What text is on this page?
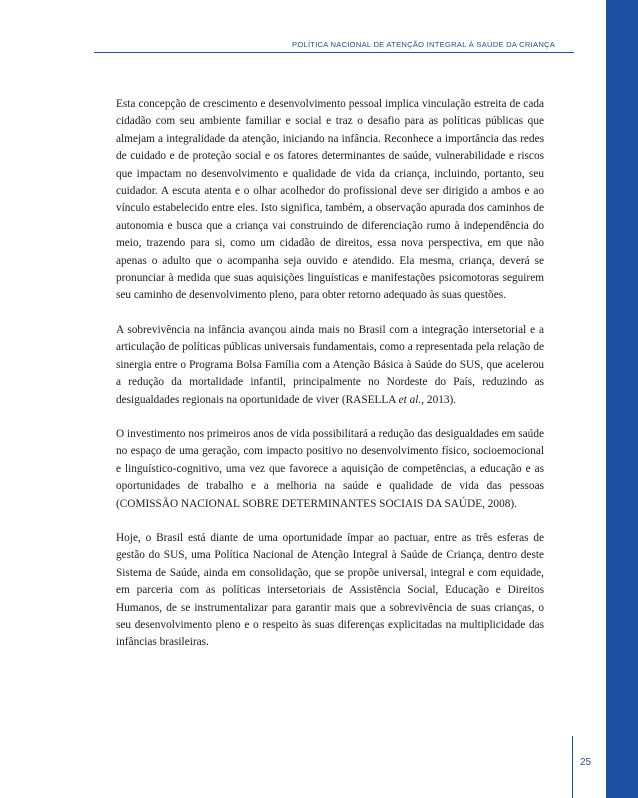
POLÍTICA NACIONAL DE ATENÇÃO INTEGRAL À SAÚDE DA CRIANÇA

Esta concepção de crescimento e desenvolvimento pessoal implica vinculação estreita de cada cidadão com seu ambiente familiar e social e traz o desafio para as políticas públicas que almejam a integralidade da atenção, iniciando na infância. Reconhece a importância das redes de cuidado e de proteção social e os fatores determinantes de saúde, vulnerabilidade e riscos que impactam no desenvolvimento e qualidade de vida da criança, incluindo, portanto, seu cuidador. A escuta atenta e o olhar acolhedor do profissional deve ser dirigido a ambos e ao vínculo estabelecido entre eles. Isto significa, também, a observação apurada dos caminhos de autonomia e busca que a criança vai construindo de diferenciação rumo à independência do meio, trazendo para si, como um cidadão de direitos, essa nova perspectiva, em que não apenas o adulto que o acompanha seja ouvido e atendido. Ela mesma, criança, deverá se pronunciar à medida que suas aquisições linguísticas e manifestações psicomotoras seguirem seu caminho de desenvolvimento pleno, para obter retorno adequado às suas questões.

A sobrevivência na infância avançou ainda mais no Brasil com a integração intersetorial e a articulação de políticas públicas universais fundamentais, como a representada pela relação de sinergia entre o Programa Bolsa Família com a Atenção Básica à Saúde do SUS, que acelerou a redução da mortalidade infantil, principalmente no Nordeste do País, reduzindo as desigualdades regionais na oportunidade de viver (RASELLA et al., 2013).

O investimento nos primeiros anos de vida possibilitará a redução das desigualdades em saúde no espaço de uma geração, com impacto positivo no desenvolvimento físico, socioemocional e linguístico-cognitivo, uma vez que favorece a aquisição de competências, a educação e as oportunidades de trabalho e a melhoria na saúde e qualidade de vida das pessoas (COMISSÃO NACIONAL SOBRE DETERMINANTES SOCIAIS DA SAÚDE, 2008).

Hoje, o Brasil está diante de uma oportunidade ímpar ao pactuar, entre as três esferas de gestão do SUS, uma Política Nacional de Atenção Integral à Saúde de Criança, dentro deste Sistema de Saúde, ainda em consolidação, que se propõe universal, integral e com equidade, em parceria com as políticas intersetoriais de Assistência Social, Educação e Direitos Humanos, de se instrumentalizar para garantir mais que a sobrevivência de suas crianças, o seu desenvolvimento pleno e o respeito às suas diferenças explicitadas na multiplicidade das infâncias brasileiras.

25
